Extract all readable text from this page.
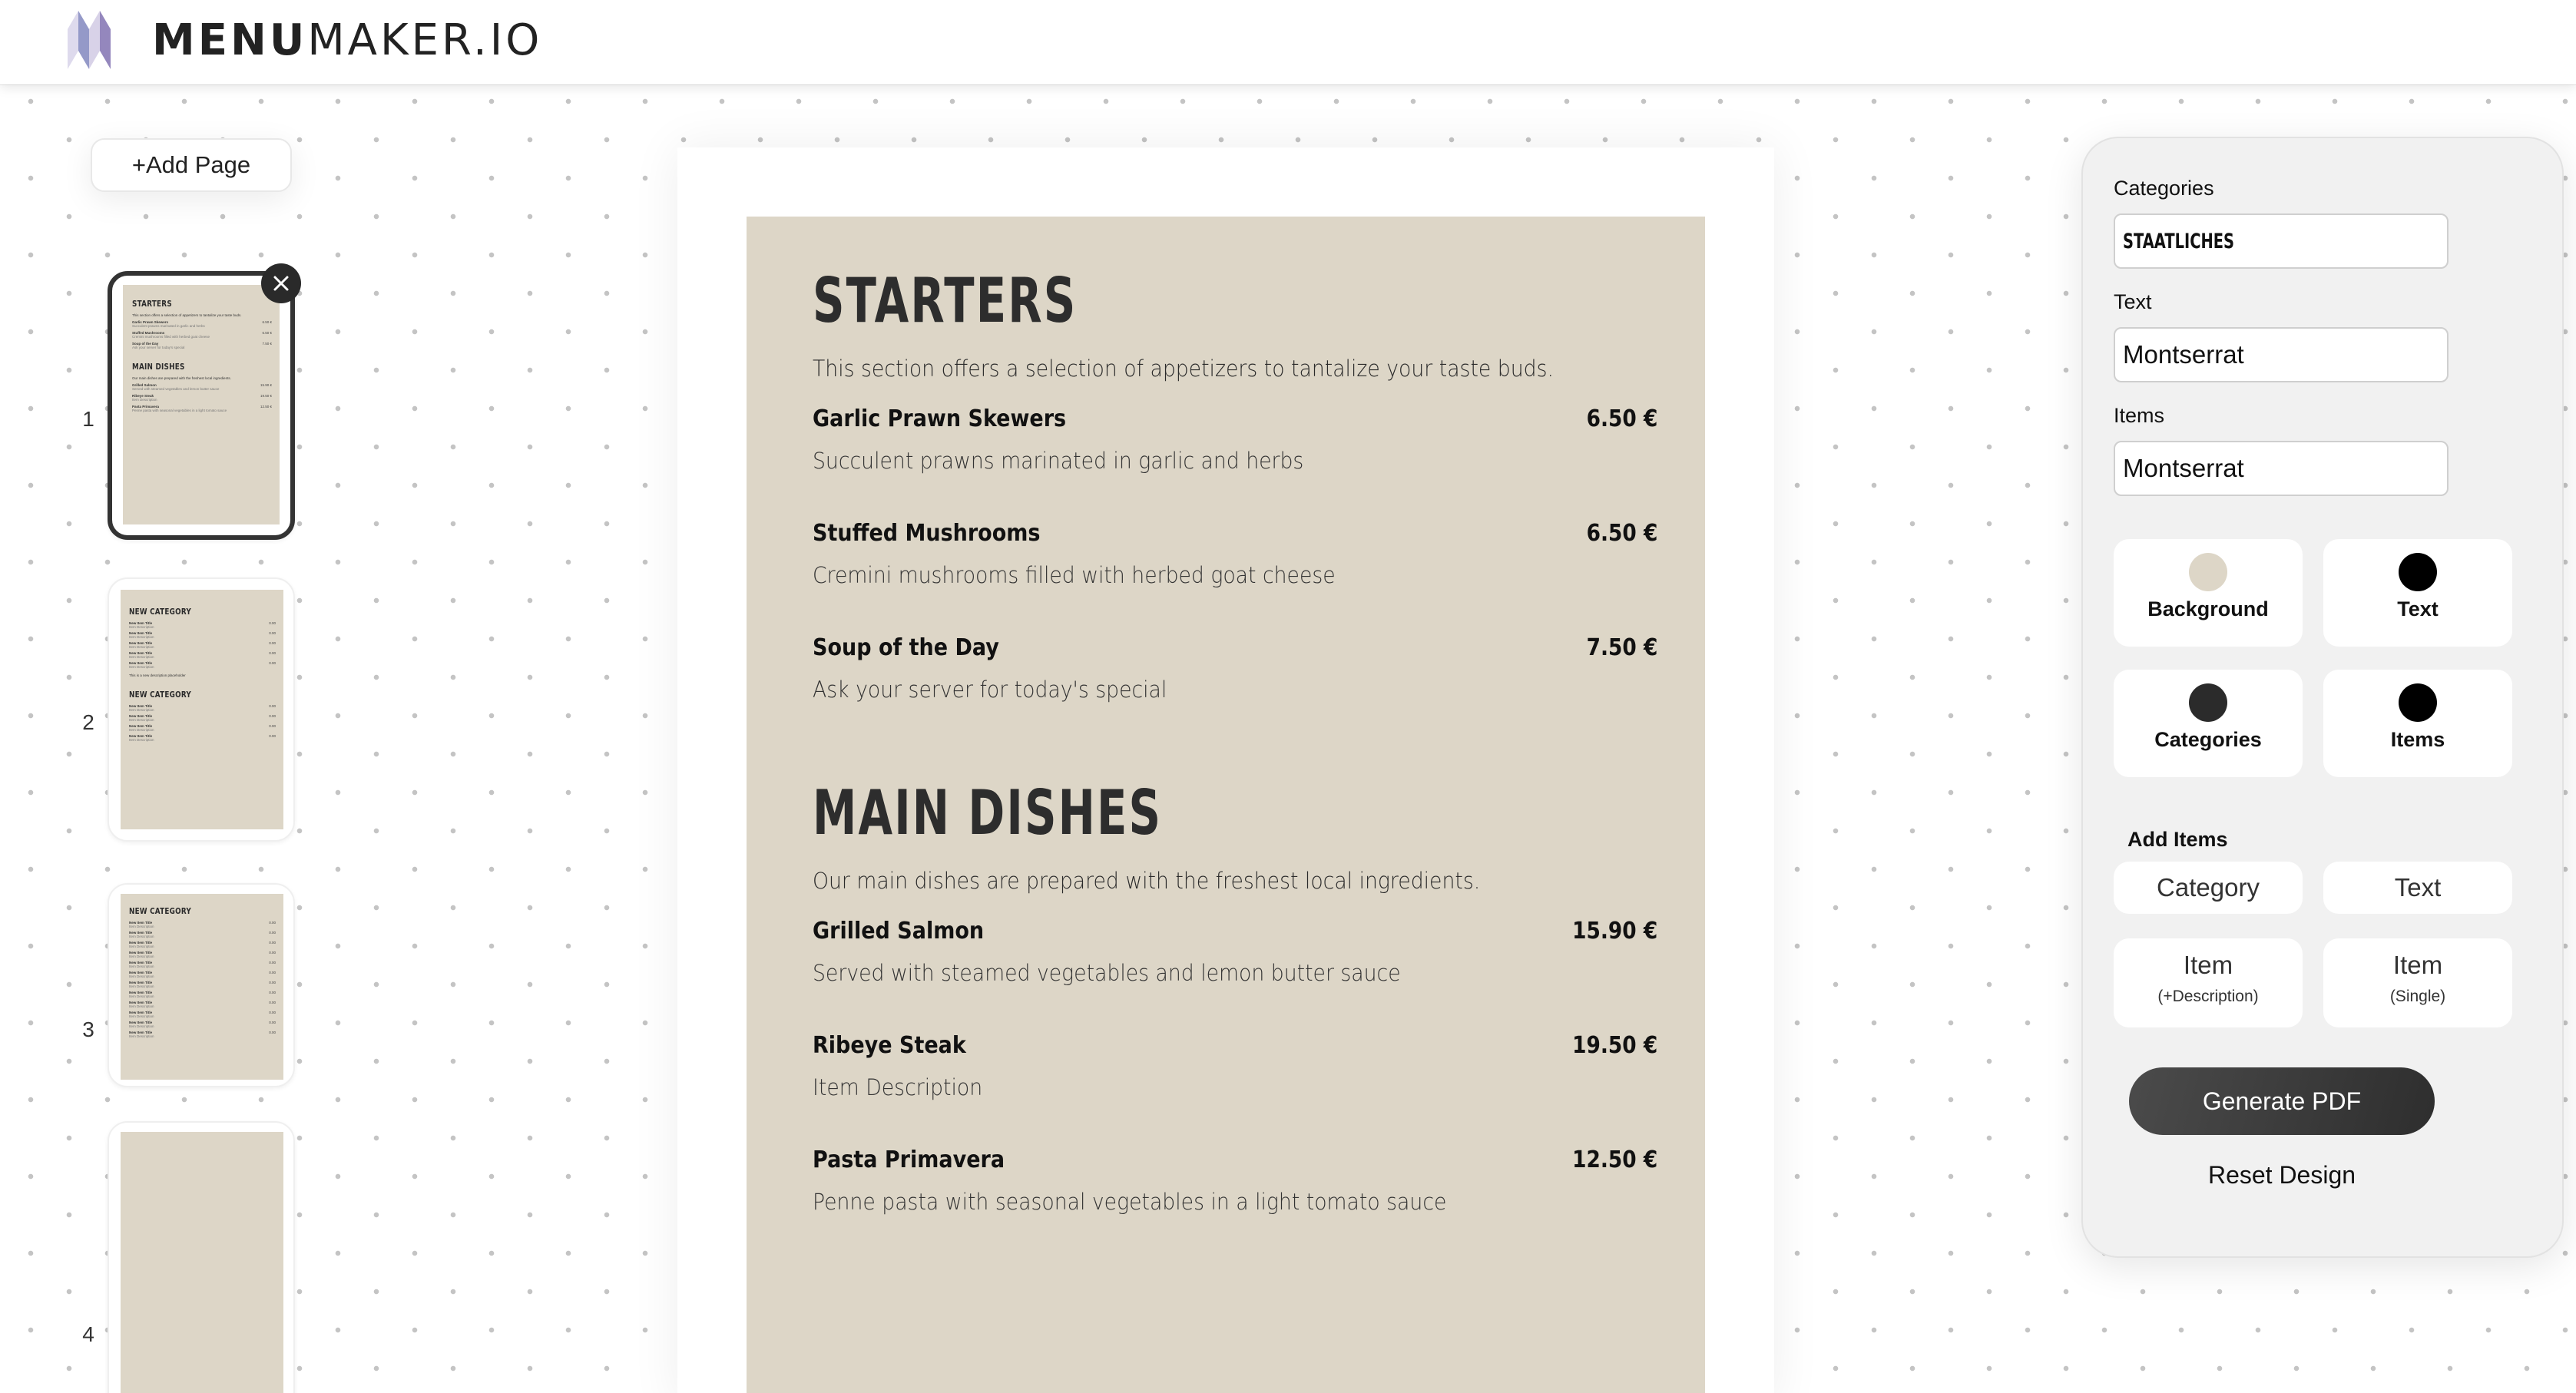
MENUMAKER.IO
+Add Page
1
STARTERS
This section offers a selection of appetizers to tantalize your taste buds.
Garlic Prawn Skewers	6.50 €
Succulent prawns marinated in garlic and herbs
Stuffed Mushrooms	6.50 €
Cremini mushrooms filled with herbed goat cheese
Soup of the Day	7.50 €
Ask your server for today's special
MAIN DISHES
Our main dishes are prepared with the freshest local ingredients.
Grilled Salmon	15.90 €
Served with steamed vegetables and lemon butter sauce
Ribeye Steak	19.50 €
Item Description
Pasta Primavera	12.50 €
Penne pasta with seasonal vegetables in a light tomato sauce
2
NEW CATEGORY
New Item Title	0.00
Item Description
New Item Title	0.00
Item Description
New Item Title	0.00
Item Description
New Item Title	0.00
Item Description
New Item Title	0.00
Item Description
This is a new description placeholder
NEW CATEGORY
New Item Title	0.00
Item Description
New Item Title	0.00
Item Description
New Item Title	0.00
Item Description
New Item Title	0.00
Item Description
3
NEW CATEGORY
New Item Title	0.00
Item Description
New Item Title	0.00
Item Description
New Item Title	0.00
Item Description
New Item Title	0.00
Item Description
New Item Title	0.00
Item Description
New Item Title	0.00
Item Description
New Item Title	0.00
Item Description
New Item Title	0.00
Item Description
New Item Title	0.00
Item Description
New Item Title	0.00
Item Description
New Item Title	0.00
Item Description
New Item Title	0.00
Item Description
4
STARTERS
This section offers a selection of appetizers to tantalize your taste buds.
Garlic Prawn Skewers	6.50 €
Succulent prawns marinated in garlic and herbs
Stuffed Mushrooms	6.50 €
Cremini mushrooms filled with herbed goat cheese
Soup of the Day	7.50 €
Ask your server for today's special
MAIN DISHES
Our main dishes are prepared with the freshest local ingredients.
Grilled Salmon	15.90 €
Served with steamed vegetables and lemon butter sauce
Ribeye Steak	19.50 €
Item Description
Pasta Primavera	12.50 €
Penne pasta with seasonal vegetables in a light tomato sauce
Categories
STAATLICHES
Text
Montserrat
Items
Montserrat
Background	Text
Categories	Items
Add Items
Category	Text
Item
(+Description)
Item
(Single)
Generate PDF
Reset Design
